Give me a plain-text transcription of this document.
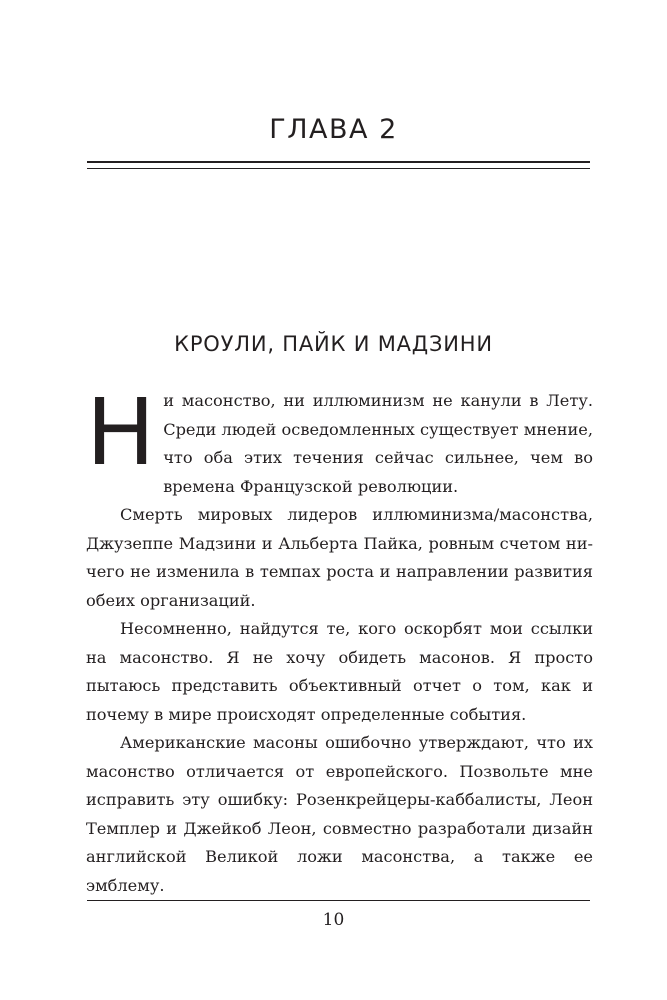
ГЛАВА 2
КРОУЛИ, ПАЙК И МАДЗИНИ

Ни масонство, ни иллюминизм не канули в Лету. Среди людей осведомленных существует мнение, что оба этих течения сейчас сильнее, чем во времена Французской революции.

Смерть мировых лидеров иллюминизма/масонства, Джузеппе Мадзини и Альберта Пайка, ровным счетом ничего не изменила в темпах роста и направлении развития обеих организаций.

Несомненно, найдутся те, кого оскорбят мои ссылки на масонство. Я не хочу обидеть масонов. Я просто пытаюсь представить объективный отчет о том, как и почему в мире происходят определенные события.

Американские масоны ошибочно утверждают, что их масонство отличается от европейского. Позвольте мне исправить эту ошибку: Розенкрейцеры-каббалисты, Леон Темплер и Джейкоб Леон, совместно разработали дизайн английской Великой ложи масонства, а также ее эмблему.

10
